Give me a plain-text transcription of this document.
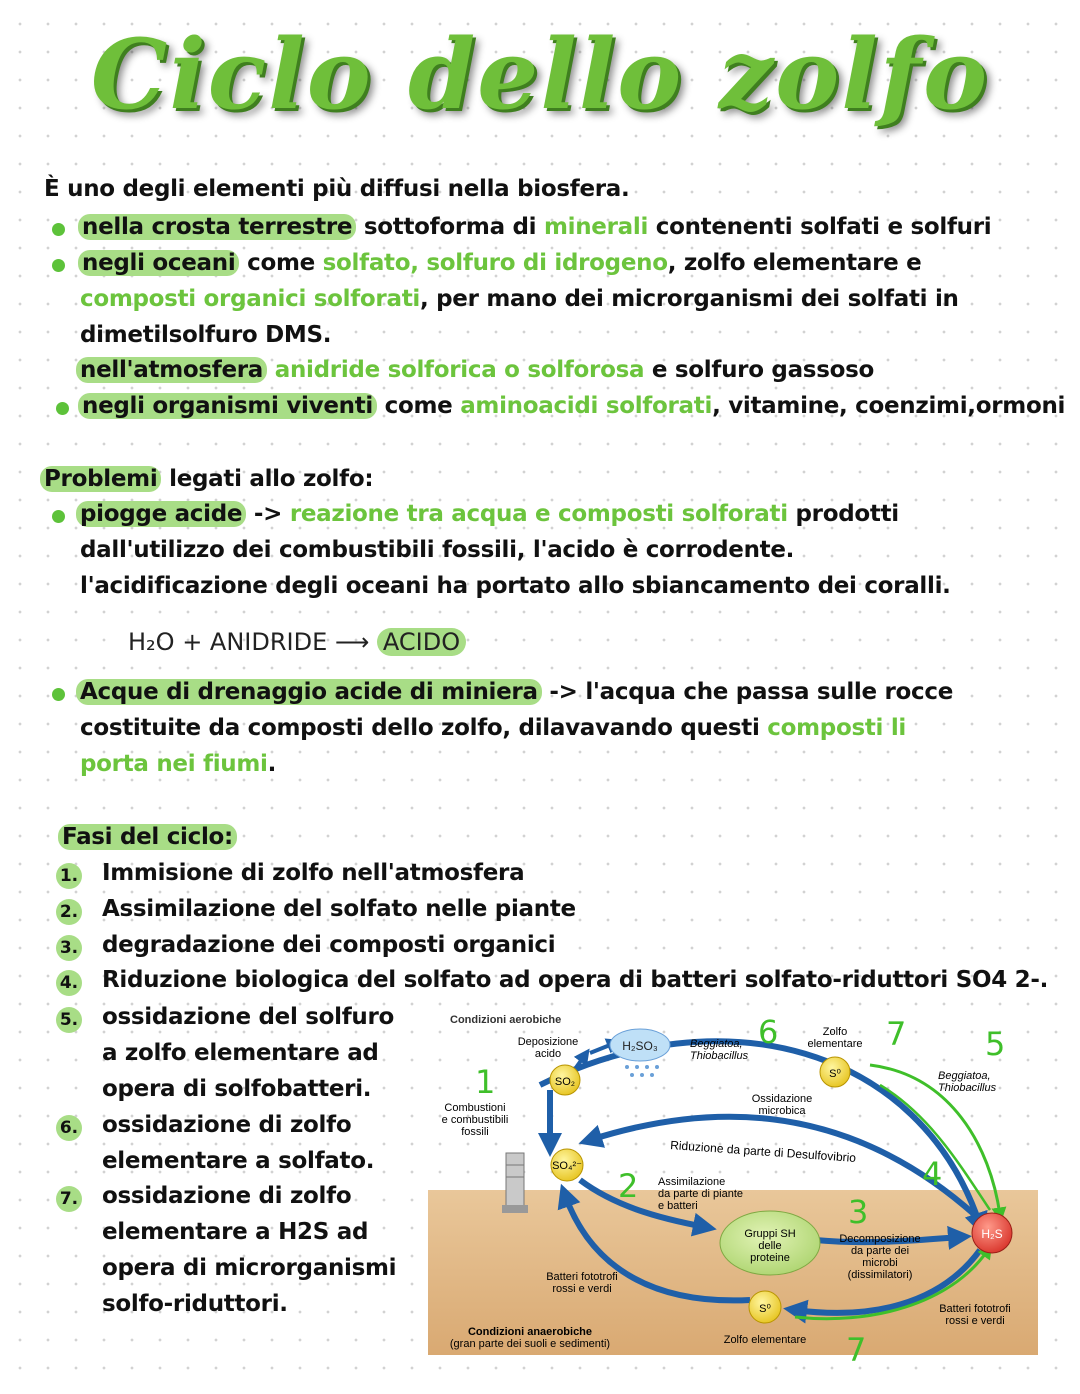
Ciclo dello zolfo
È uno degli elementi più diffusi nella biosfera.
nella crosta terrestre sottoforma di minerali contenenti solfati e solfuri
negli oceani come solfato, solfuro di idrogeno, zolfo elementare e
composti organici solforati, per mano dei microrganismi dei solfati in
dimetilsolfuro DMS.
nell'atmosfera anidride solforica o solforosa e solfuro gassoso
negli organismi viventi come aminoacidi solforati, vitamine, coenzimi,ormoni
Problemi legati allo zolfo:
piogge acide -> reazione tra acqua e composti solforati prodotti
dall'utilizzo dei combustibili fossili, l'acido è corrodente.
l'acidificazione degli oceani ha portato allo sbiancamento dei coralli.
H₂O + ANIDRIDE ⟶ ACIDO
Acque di drenaggio acide di miniera -> l'acqua che passa sulle rocce
costituite da composti dello zolfo, dilavavando questi composti li
porta nei fiumi.
Fasi del ciclo:
1. Immisione di zolfo nell'atmosfera
2. Assimilazione del solfato nelle piante
3. degradazione dei composti organici
4. Riduzione biologica del solfato ad opera di batteri solfato-riduttori SO4 2-.
5. ossidazione del solfuro
a zolfo elementare ad
opera di solfobatteri.
6. ossidazione di zolfo
elementare a solfato.
7. ossidazione di zolfo
elementare a H2S ad
opera di microrganismi
solfo-riduttori.
H₂SO₃
SO₂
SO₄²⁻
S⁰
S⁰
H₂S
Gruppi SH
delle
proteine
Condizioni aerobiche
Deposizione
acido
Combustioni
e combustibili
fossili
Beggiatoa,
Thiobacillus
Zolfo
elementare
Ossidazione
microbica
Beggiatoa,
Thiobacillus
Riduzione da parte di Desulfovibrio
Assimilazione
da parte di piante
e batteri
Decomposizione
da parte dei
microbi
(dissimilatori)
Batteri fototrofi
rossi e verdi
Batteri fototrofi
rossi e verdi
Zolfo elementare
Condizioni anaerobiche
(gran parte dei suoli e sedimenti)
1
2
3
4
5
6	7
7
